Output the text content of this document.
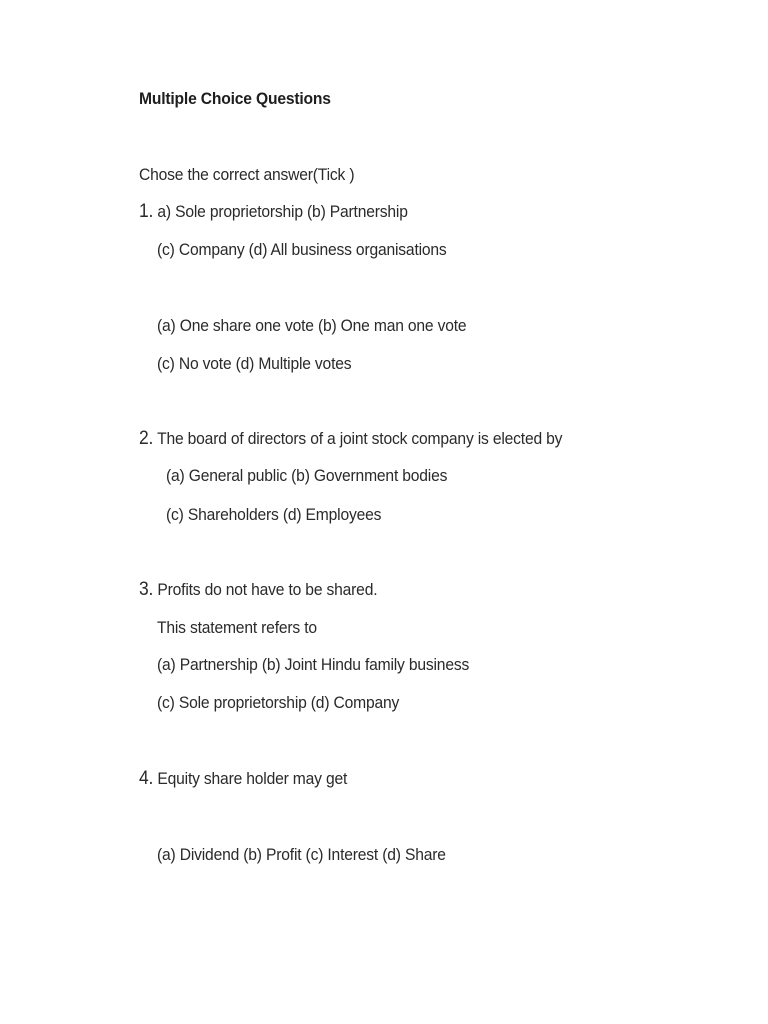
Multiple Choice Questions
Chose the correct answer(Tick )
1. a) Sole proprietorship (b) Partnership
(c) Company (d) All business organisations
(a) One share one vote (b) One man one vote
(c) No vote (d) Multiple votes
2. The board of directors of a joint stock company is elected by
(a) General public (b) Government bodies
(c) Shareholders (d) Employees
3. Profits do not have to be shared.
This statement refers to
(a) Partnership (b) Joint Hindu family business
(c) Sole proprietorship (d) Company
4. Equity share holder may get
(a) Dividend (b) Profit (c) Interest (d) Share
